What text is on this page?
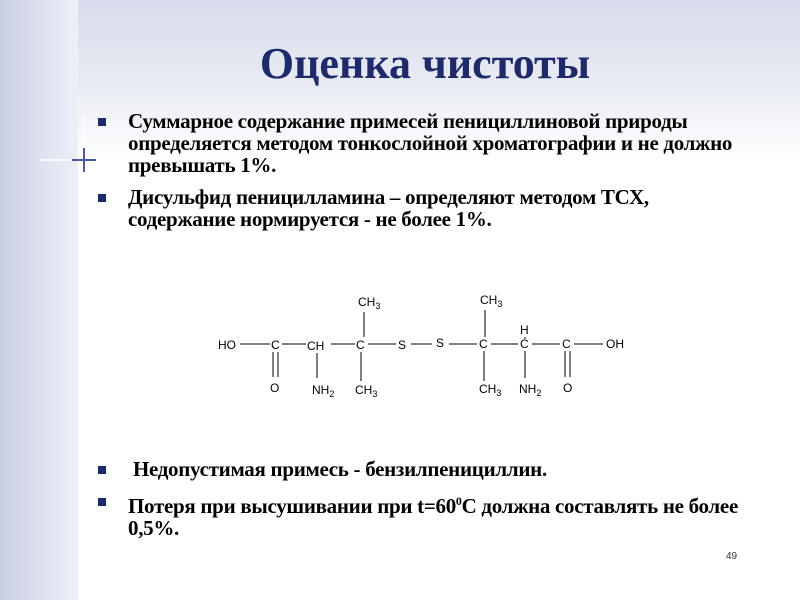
Оценка чистоты
Суммарное содержание примесей пенициллиновой природы определяется методом тонкослойной хроматографии и не должно превышать 1%.
Дисульфид пеницилламина – определяют методом ТСХ, содержание нормируется - не более 1%.
$CH_3$	$CH_3$
H
HO	C CH	C	S S	C	C	C	OH
O	$NH_2$ $CH_3$	$CH_3$ $NH_2$ O
Недопустимая примесь - бензилпенициллин.
Потеря при высушивании при $t=60^0С$ должна составлять не более 0,5%.
49
